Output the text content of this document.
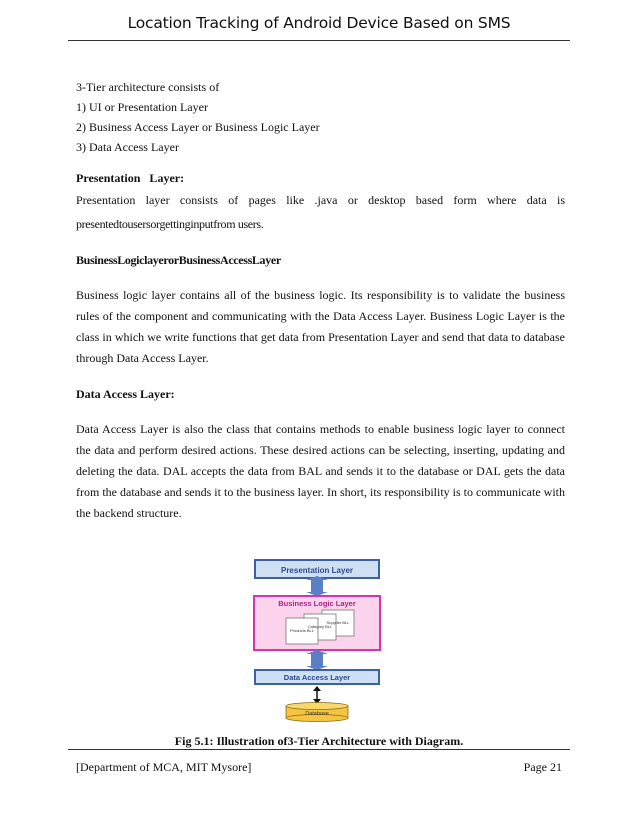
Location Tracking of Android Device Based on SMS
3-Tier architecture consists of
1) UI or Presentation Layer
2) Business Access Layer or Business Logic Layer
3) Data Access Layer
Presentation   Layer:
Presentation layer consists of pages like .java or desktop based form where data is
presentedtousersorgettinginputfrom users.
BusinessLogiclayerorBusinessAccessLayer

Business logic layer contains all of the business logic. Its responsibility is to validate the business rules of the component and communicating with the Data Access Layer. Business Logic Layer is the class in which we write functions that get data from Presentation Layer and send that data to database through Data Access Layer.

Data Access Layer:

Data Access Layer is also the class that contains methods to enable business logic layer to connect the data and perform desired actions. These desired actions can be selecting, inserting, updating and deleting the data. DAL accepts the data from BAL and sends it to the database or DAL gets the data from the database and sends it to the business layer. In short, its responsibility is to communicate with the backend structure.

Presentation Layer
Business Logic Layer
Supplier BLL
Category BLL
Products BLL
Data Access Layer
Database
Fig 5.1: Illustration of3-Tier Architecture with Diagram.
[Department of MCA, MIT Mysore]	Page 21
